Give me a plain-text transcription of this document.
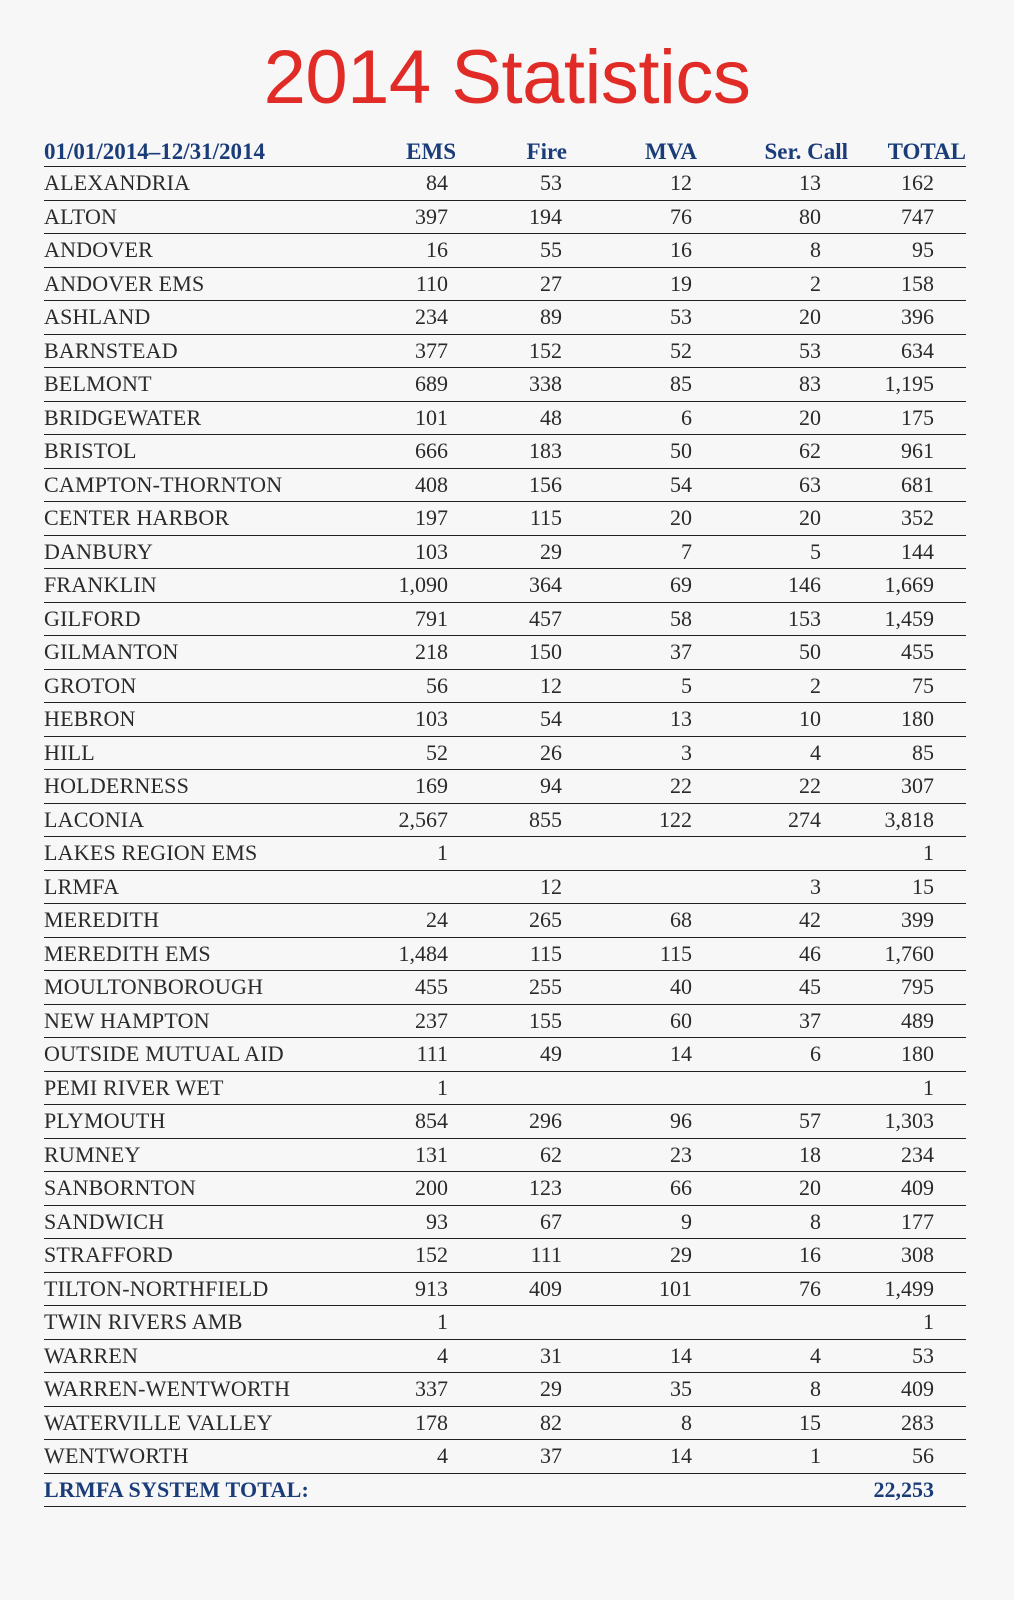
2014 Statistics
01/01/2014–12/31/2014	EMS	Fire	MVA	Ser. Call	TOTAL
ALEXANDRIA	84	53	12	13	162
ALTON	397	194	76	80	747
ANDOVER	16	55	16	8	95
ANDOVER EMS	110	27	19	2	158
ASHLAND	234	89	53	20	396
BARNSTEAD	377	152	52	53	634
BELMONT	689	338	85	83	1,195
BRIDGEWATER	101	48	6	20	175
BRISTOL	666	183	50	62	961
CAMPTON-THORNTON	408	156	54	63	681
CENTER HARBOR	197	115	20	20	352
DANBURY	103	29	7	5	144
FRANKLIN	1,090	364	69	146	1,669
GILFORD	791	457	58	153	1,459
GILMANTON	218	150	37	50	455
GROTON	56	12	5	2	75
HEBRON	103	54	13	10	180
HILL	52	26	3	4	85
HOLDERNESS	169	94	22	22	307
LACONIA	2,567	855	122	274	3,818
LAKES REGION EMS	1				1
LRMFA		12		3	15
MEREDITH	24	265	68	42	399
MEREDITH EMS	1,484	115	115	46	1,760
MOULTONBOROUGH	455	255	40	45	795
NEW HAMPTON	237	155	60	37	489
OUTSIDE MUTUAL AID	111	49	14	6	180
PEMI RIVER WET	1				1
PLYMOUTH	854	296	96	57	1,303
RUMNEY	131	62	23	18	234
SANBORNTON	200	123	66	20	409
SANDWICH	93	67	9	8	177
STRAFFORD	152	111	29	16	308
TILTON-NORTHFIELD	913	409	101	76	1,499
TWIN RIVERS AMB	1				1
WARREN	4	31	14	4	53
WARREN-WENTWORTH	337	29	35	8	409
WATERVILLE VALLEY	178	82	8	15	283
WENTWORTH	4	37	14	1	56
LRMFA SYSTEM TOTAL:					22,253
